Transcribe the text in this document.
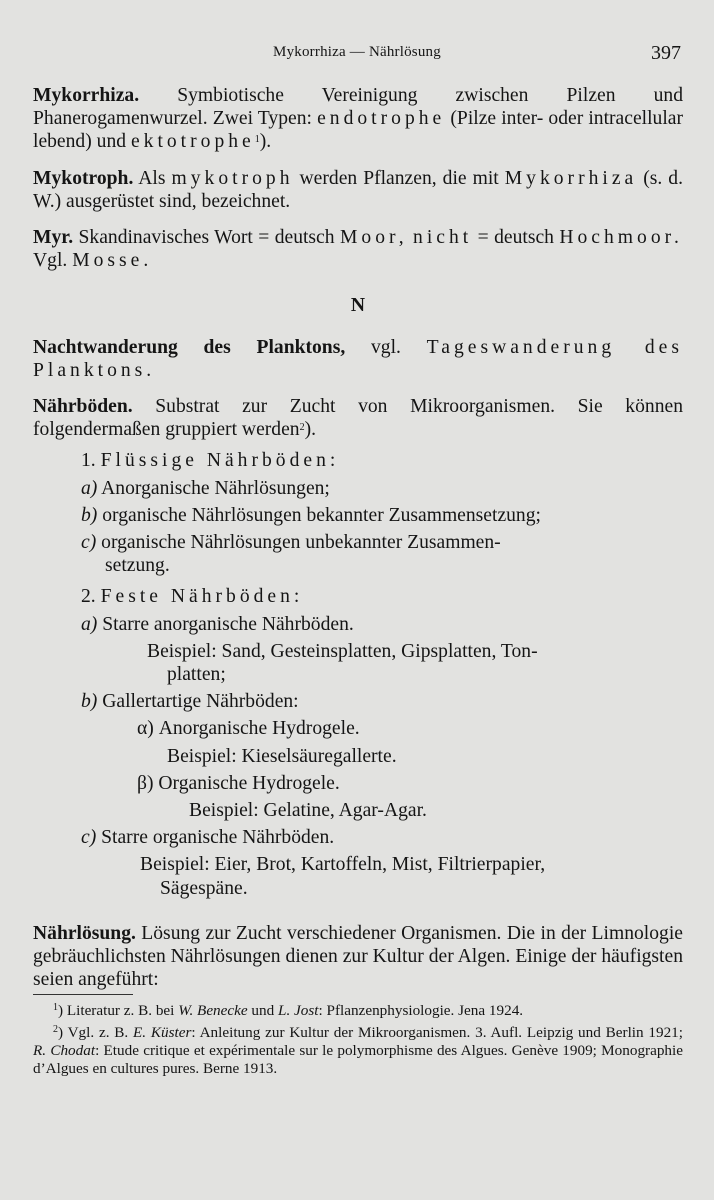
Mykorrhiza — Nährlösung	397

Mykorrhiza. Symbiotische Vereinigung zwischen Pilzen und Phanerogamenwurzel. Zwei Typen: endotrophe (Pilze inter- oder intracellular lebend) und ektotrophe$^1$).

Mykotroph. Als mykotroph werden Pflanzen, die mit Mykorrhiza (s. d. W.) ausgerüstet sind, bezeichnet.

Myr. Skandinavisches Wort = deutsch Moor, nicht = deutsch Hochmoor. Vgl. Mosse.

N

Nachtwanderung des Planktons, vgl. Tageswanderung des Planktons.

Nährböden. Substrat zur Zucht von Mikroorganismen. Sie können folgendermaßen gruppiert werden$^2$).

1. Flüssige Nährböden:

a) Anorganische Nährlösungen;

b) organische Nährlösungen bekannter Zusammensetzung;

c) organische Nährlösungen unbekannter Zusammen-
setzung.

2. Feste Nährböden:

a) Starre anorganische Nährböden.

Beispiel: Sand, Gesteinsplatten, Gipsplatten, Ton-
platten;

b) Gallertartige Nährböden:

α) Anorganische Hydrogele.

Beispiel: Kieselsäuregallerte.

β) Organische Hydrogele.

Beispiel: Gelatine, Agar-Agar.

c) Starre organische Nährböden.

Beispiel: Eier, Brot, Kartoffeln, Mist, Filtrierpapier,
Sägespäne.

Nährlösung. Lösung zur Zucht verschiedener Organismen. Die in der Limnologie gebräuchlichsten Nährlösungen dienen zur Kultur der Algen. Einige der häufigsten seien angeführt:

$^1$) Literatur z. B. bei W. Benecke und L. Jost: Pflanzenphysiologie. Jena 1924.

$^2$) Vgl. z. B. E. Küster: Anleitung zur Kultur der Mikroorganismen. 3. Aufl. Leipzig und Berlin 1921; R. Chodat: Etude critique et expérimentale sur le polymorphisme des Algues. Genève 1909; Monographie d’Algues en cultures pures. Berne 1913.
